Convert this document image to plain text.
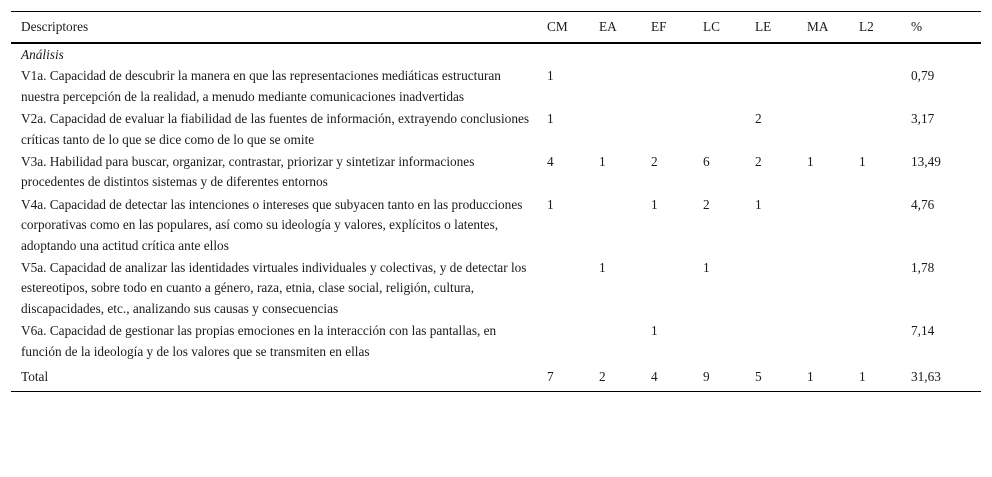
Descriptores	CM	EA	EF	LC	LE	MA	L2	%
Análisis								
V1a. Capacidad de descubrir la manera en que las representaciones mediáticas estructuran nuestra percepción de la realidad, a menudo mediante comunicaciones inadvertidas	1							0,79
V2a. Capacidad de evaluar la fiabilidad de las fuentes de información, extrayendo conclusiones críticas tanto de lo que se dice como de lo que se omite	1				2			3,17
V3a. Habilidad para buscar, organizar, contrastar, priorizar y sintetizar informaciones procedentes de distintos sistemas y de diferentes entornos	4	1	2	6	2	1	1	13,49
V4a. Capacidad de detectar las intenciones o intereses que subyacen tanto en las producciones corporativas como en las populares, así como su ideología y valores, explícitos o latentes, adoptando una actitud crítica ante ellos	1		1	2	1			4,76
V5a. Capacidad de analizar las identidades virtuales individuales y colectivas, y de detectar los estereotipos, sobre todo en cuanto a género, raza, etnia, clase social, religión, cultura, discapacidades, etc., analizando sus causas y consecuencias		1		1				1,78
V6a. Capacidad de gestionar las propias emociones en la interacción con las pantallas, en función de la ideología y de los valores que se transmiten en ellas			1					7,14
Total	7	2	4	9	5	1	1	31,63
